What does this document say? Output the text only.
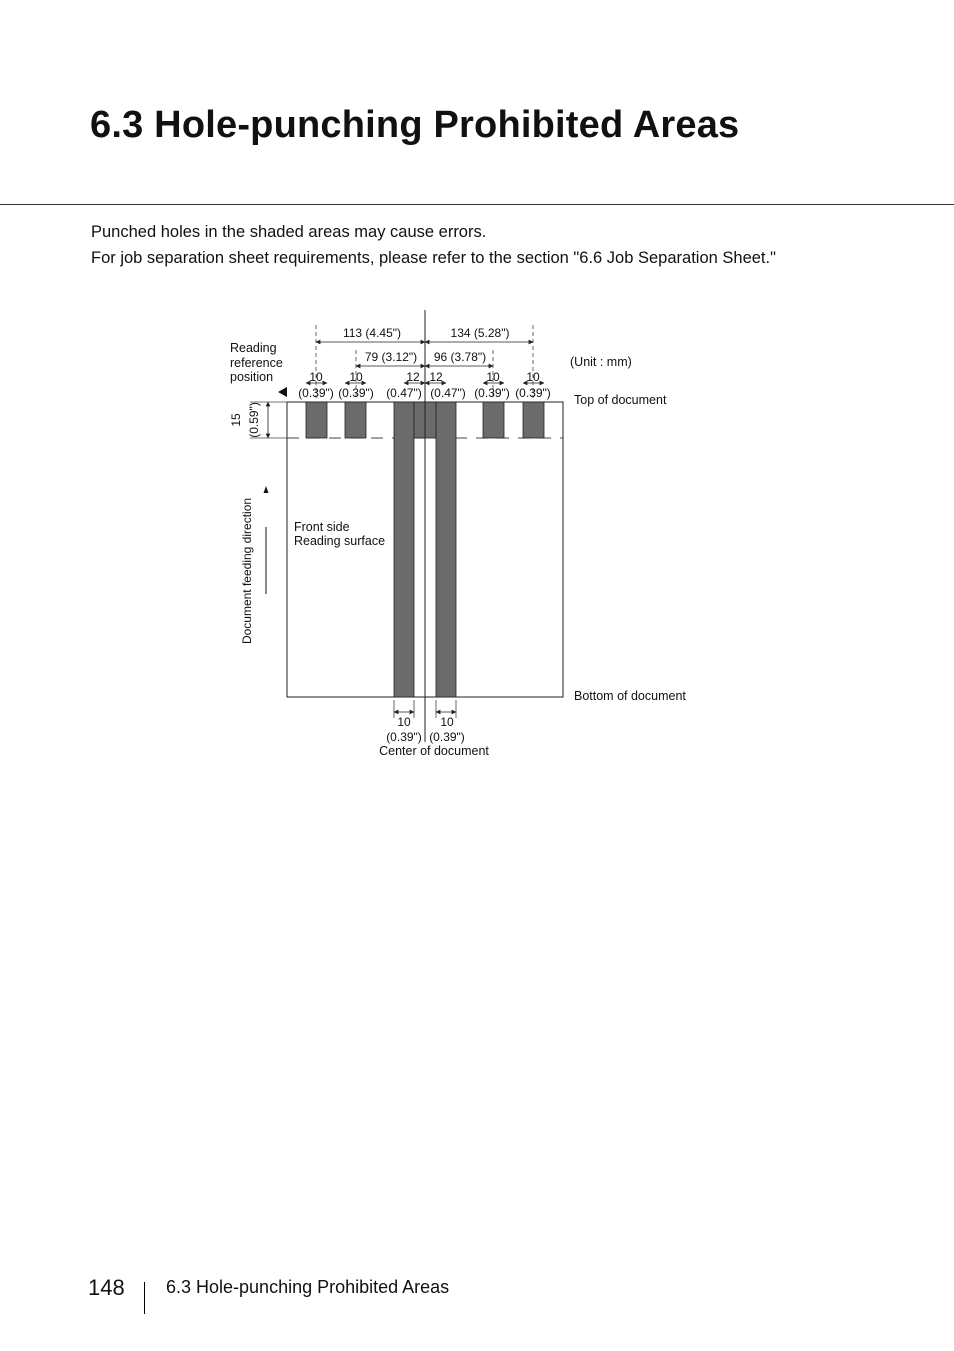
6.3 Hole-punching Prohibited Areas

Punched holes in the shaded areas may cause errors.

For job separation sheet requirements, please refer to the section "6.6 Job Separation Sheet."

113 (4.45")	134 (5.28")
79 (3.12") 96 (3.78")
10
(0.39")
10
(0.39")
12
(0.47")
12
(0.47")
10
(0.39")
10
(0.39")
Reading
reference
position
15 (0.59")
(Unit : mm)
Top of document
Bottom of document
Front side
Reading surface
Document feeding direction
10
(0.39")
10
(0.39")
Center of document
148 6.3 Hole-punching Prohibited Areas
